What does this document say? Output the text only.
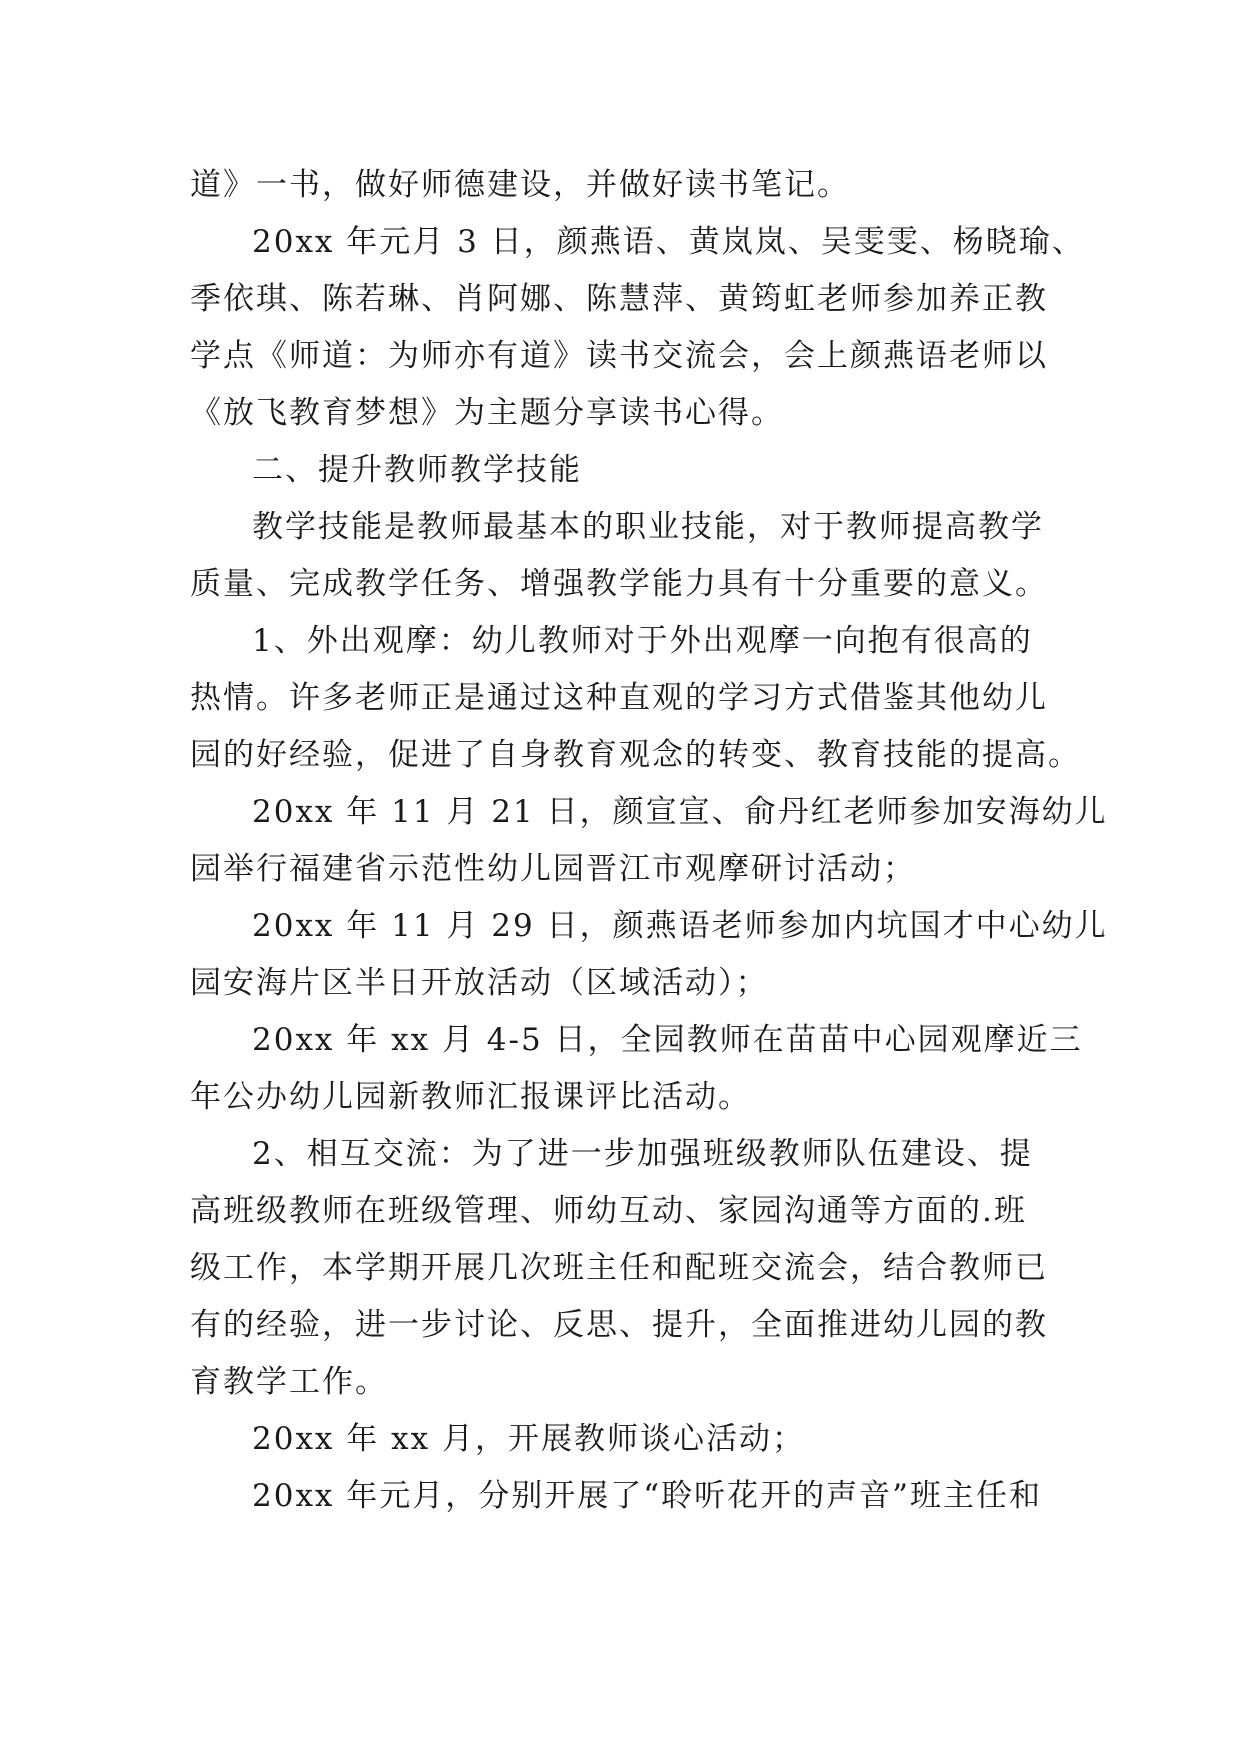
道》一书，做好师德建设，并做好读书笔记。
20xx 年元月 3 日，颜燕语、黄岚岚、吴雯雯、杨晓瑜、
季依琪、陈若琳、肖阿娜、陈慧萍、黄筠虹老师参加养正教
学点《师道：为师亦有道》读书交流会，会上颜燕语老师以
《放飞教育梦想》为主题分享读书心得。
二、提升教师教学技能
教学技能是教师最基本的职业技能，对于教师提高教学
质量、完成教学任务、增强教学能力具有十分重要的意义。
1、外出观摩：幼儿教师对于外出观摩一向抱有很高的
热情。许多老师正是通过这种直观的学习方式借鉴其他幼儿
园的好经验，促进了自身教育观念的转变、教育技能的提高。
20xx 年 11 月 21 日，颜宣宣、俞丹红老师参加安海幼儿
园举行福建省示范性幼儿园晋江市观摩研讨活动；
20xx 年 11 月 29 日，颜燕语老师参加内坑国才中心幼儿
园安海片区半日开放活动（区域活动）；
20xx 年 xx 月 4-5 日，全园教师在苗苗中心园观摩近三
年公办幼儿园新教师汇报课评比活动。
2、相互交流：为了进一步加强班级教师队伍建设、提
高班级教师在班级管理、师幼互动、家园沟通等方面的.班
级工作，本学期开展几次班主任和配班交流会，结合教师已
有的经验，进一步讨论、反思、提升，全面推进幼儿园的教
育教学工作。
20xx 年 xx 月，开展教师谈心活动；
20xx 年元月，分别开展了“聆听花开的声音”班主任和
